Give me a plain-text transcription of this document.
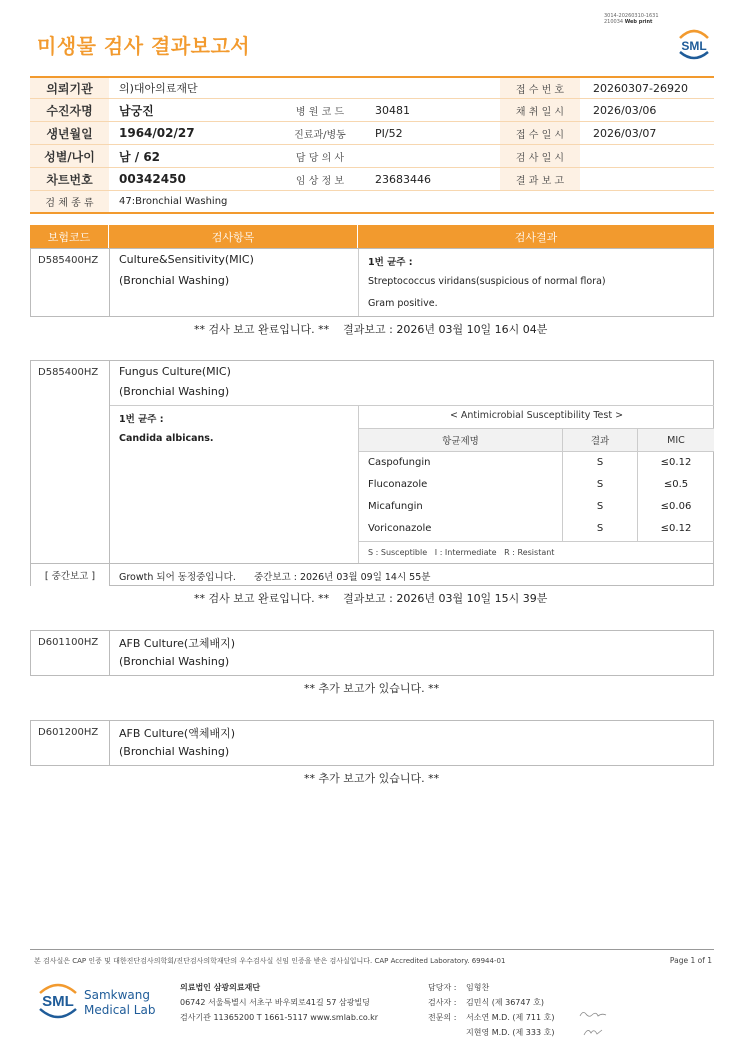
3014-20260310-1631
210034 Web print
미생물 검사 결과보고서	SML
의뢰기관	의)대아의료재단	접 수 번 호	20260307-26920
수진자명	남궁진	병 원 코 드	30481	채 취 일 시	2026/03/06
생년월일	1964/02/27	진료과/병동	PI/52	접 수 일 시	2026/03/07
성별/나이	남 / 62	담 당 의 사	검 사 일 시
차트번호	00342450	임 상 정 보	23683446	결 과 보 고
검 체 종 류	47:Bronchial Washing
보험코드	검사항목	검사결과
D585400HZ	Culture&Sensitivity(MIC)
(Bronchial Washing)
1번 균주 :
Streptococcus viridans(suspicious of normal flora)
Gram positive.
** 검사 보고 완료입니다. ** 결과보고 : 2026년 03월 10일 16시 04분
D585400HZ	Fungus Culture(MIC)
(Bronchial Washing)
1번 균주 :
Candida albicans.
< Antimicrobial Susceptibility Test >
항균제명	결과	MIC
Caspofungin	S	≤0.12
Fluconazole	S	≤0.5
Micafungin	S	≤0.06
Voriconazole	S	≤0.12
S : Susceptible   I : Intermediate   R : Resistant
[ 중간보고 ]	Growth 되어 동정중입니다. 중간보고 : 2026년 03월 09일 14시 55분
** 검사 보고 완료입니다. ** 결과보고 : 2026년 03월 10일 15시 39분
D601100HZ	AFB Culture(고체배지)
(Bronchial Washing)
** 추가 보고가 있습니다. **
D601200HZ	AFB Culture(액체배지)
(Bronchial Washing)
** 추가 보고가 있습니다. **
본 검사실은 CAP 인증 및 대한진단검사의학회/진단검사의학재단의 우수검사실 신임 인증을 받은 검사실입니다. CAP Accredited Laboratory. 69944-01	Page 1 of 1
SML Samkwang
Medical Lab
의료법인 삼광의료재단
06742 서울특별시 서초구 바우뫼로41길 57 삼광빌딩
검사기관 11365200 T 1661-5117 www.smlab.co.kr
담당자 : 임형찬
검사자 : 김민식 (제 36747 호)
전문의 : 서소연 M.D. (제 711 호)
지현영 M.D. (제 333 호)
